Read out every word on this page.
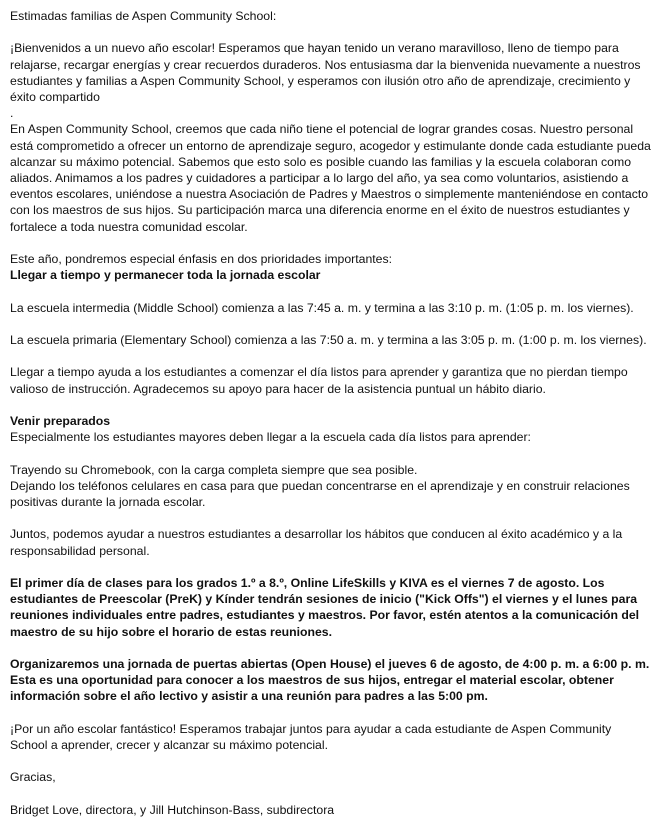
Estimadas familias de Aspen Community School:

¡Bienvenidos a un nuevo año escolar! Esperamos que hayan tenido un verano maravilloso, lleno de tiempo para relajarse, recargar energías y crear recuerdos duraderos. Nos entusiasma dar la bienvenida nuevamente a nuestros estudiantes y familias a Aspen Community School, y esperamos con ilusión otro año de aprendizaje, crecimiento y éxito compartido

.

En Aspen Community School, creemos que cada niño tiene el potencial de lograr grandes cosas. Nuestro personal está comprometido a ofrecer un entorno de aprendizaje seguro, acogedor y estimulante donde cada estudiante pueda alcanzar su máximo potencial. Sabemos que esto solo es posible cuando las familias y la escuela colaboran como aliados. Animamos a los padres y cuidadores a participar a lo largo del año, ya sea como voluntarios, asistiendo a eventos escolares, uniéndose a nuestra Asociación de Padres y Maestros o simplemente manteniéndose en contacto con los maestros de sus hijos. Su participación marca una diferencia enorme en el éxito de nuestros estudiantes y fortalece a toda nuestra comunidad escolar.

Este año, pondremos especial énfasis en dos prioridades importantes:

Llegar a tiempo y permanecer toda la jornada escolar

La escuela intermedia (Middle School) comienza a las 7:45 a. m. y termina a las 3:10 p. m. (1:05 p. m. los viernes).

La escuela primaria (Elementary School) comienza a las 7:50 a. m. y termina a las 3:05 p. m. (1:00 p. m. los viernes).

Llegar a tiempo ayuda a los estudiantes a comenzar el día listos para aprender y garantiza que no pierdan tiempo valioso de instrucción. Agradecemos su apoyo para hacer de la asistencia puntual un hábito diario.

Venir preparados

Especialmente los estudiantes mayores deben llegar a la escuela cada día listos para aprender:

Trayendo su Chromebook, con la carga completa siempre que sea posible.

Dejando los teléfonos celulares en casa para que puedan concentrarse en el aprendizaje y en construir relaciones positivas durante la jornada escolar.

Juntos, podemos ayudar a nuestros estudiantes a desarrollar los hábitos que conducen al éxito académico y a la responsabilidad personal.

El primer día de clases para los grados 1.º a 8.º, Online LifeSkills y KIVA es el viernes 7 de agosto. Los estudiantes de Preescolar (PreK) y Kínder tendrán sesiones de inicio ("Kick Offs") el viernes y el lunes para reuniones individuales entre padres, estudiantes y maestros. Por favor, estén atentos a la comunicación del maestro de su hijo sobre el horario de estas reuniones.

Organizaremos una jornada de puertas abiertas (Open House) el jueves 6 de agosto, de 4:00 p. m. a 6:00 p. m. Esta es una oportunidad para conocer a los maestros de sus hijos, entregar el material escolar, obtener información sobre el año lectivo y asistir a una reunión para padres a las 5:00 pm.

¡Por un año escolar fantástico! Esperamos trabajar juntos para ayudar a cada estudiante de Aspen Community School a aprender, crecer y alcanzar su máximo potencial.

Gracias,

Bridget Love, directora, y Jill Hutchinson-Bass, subdirectora
